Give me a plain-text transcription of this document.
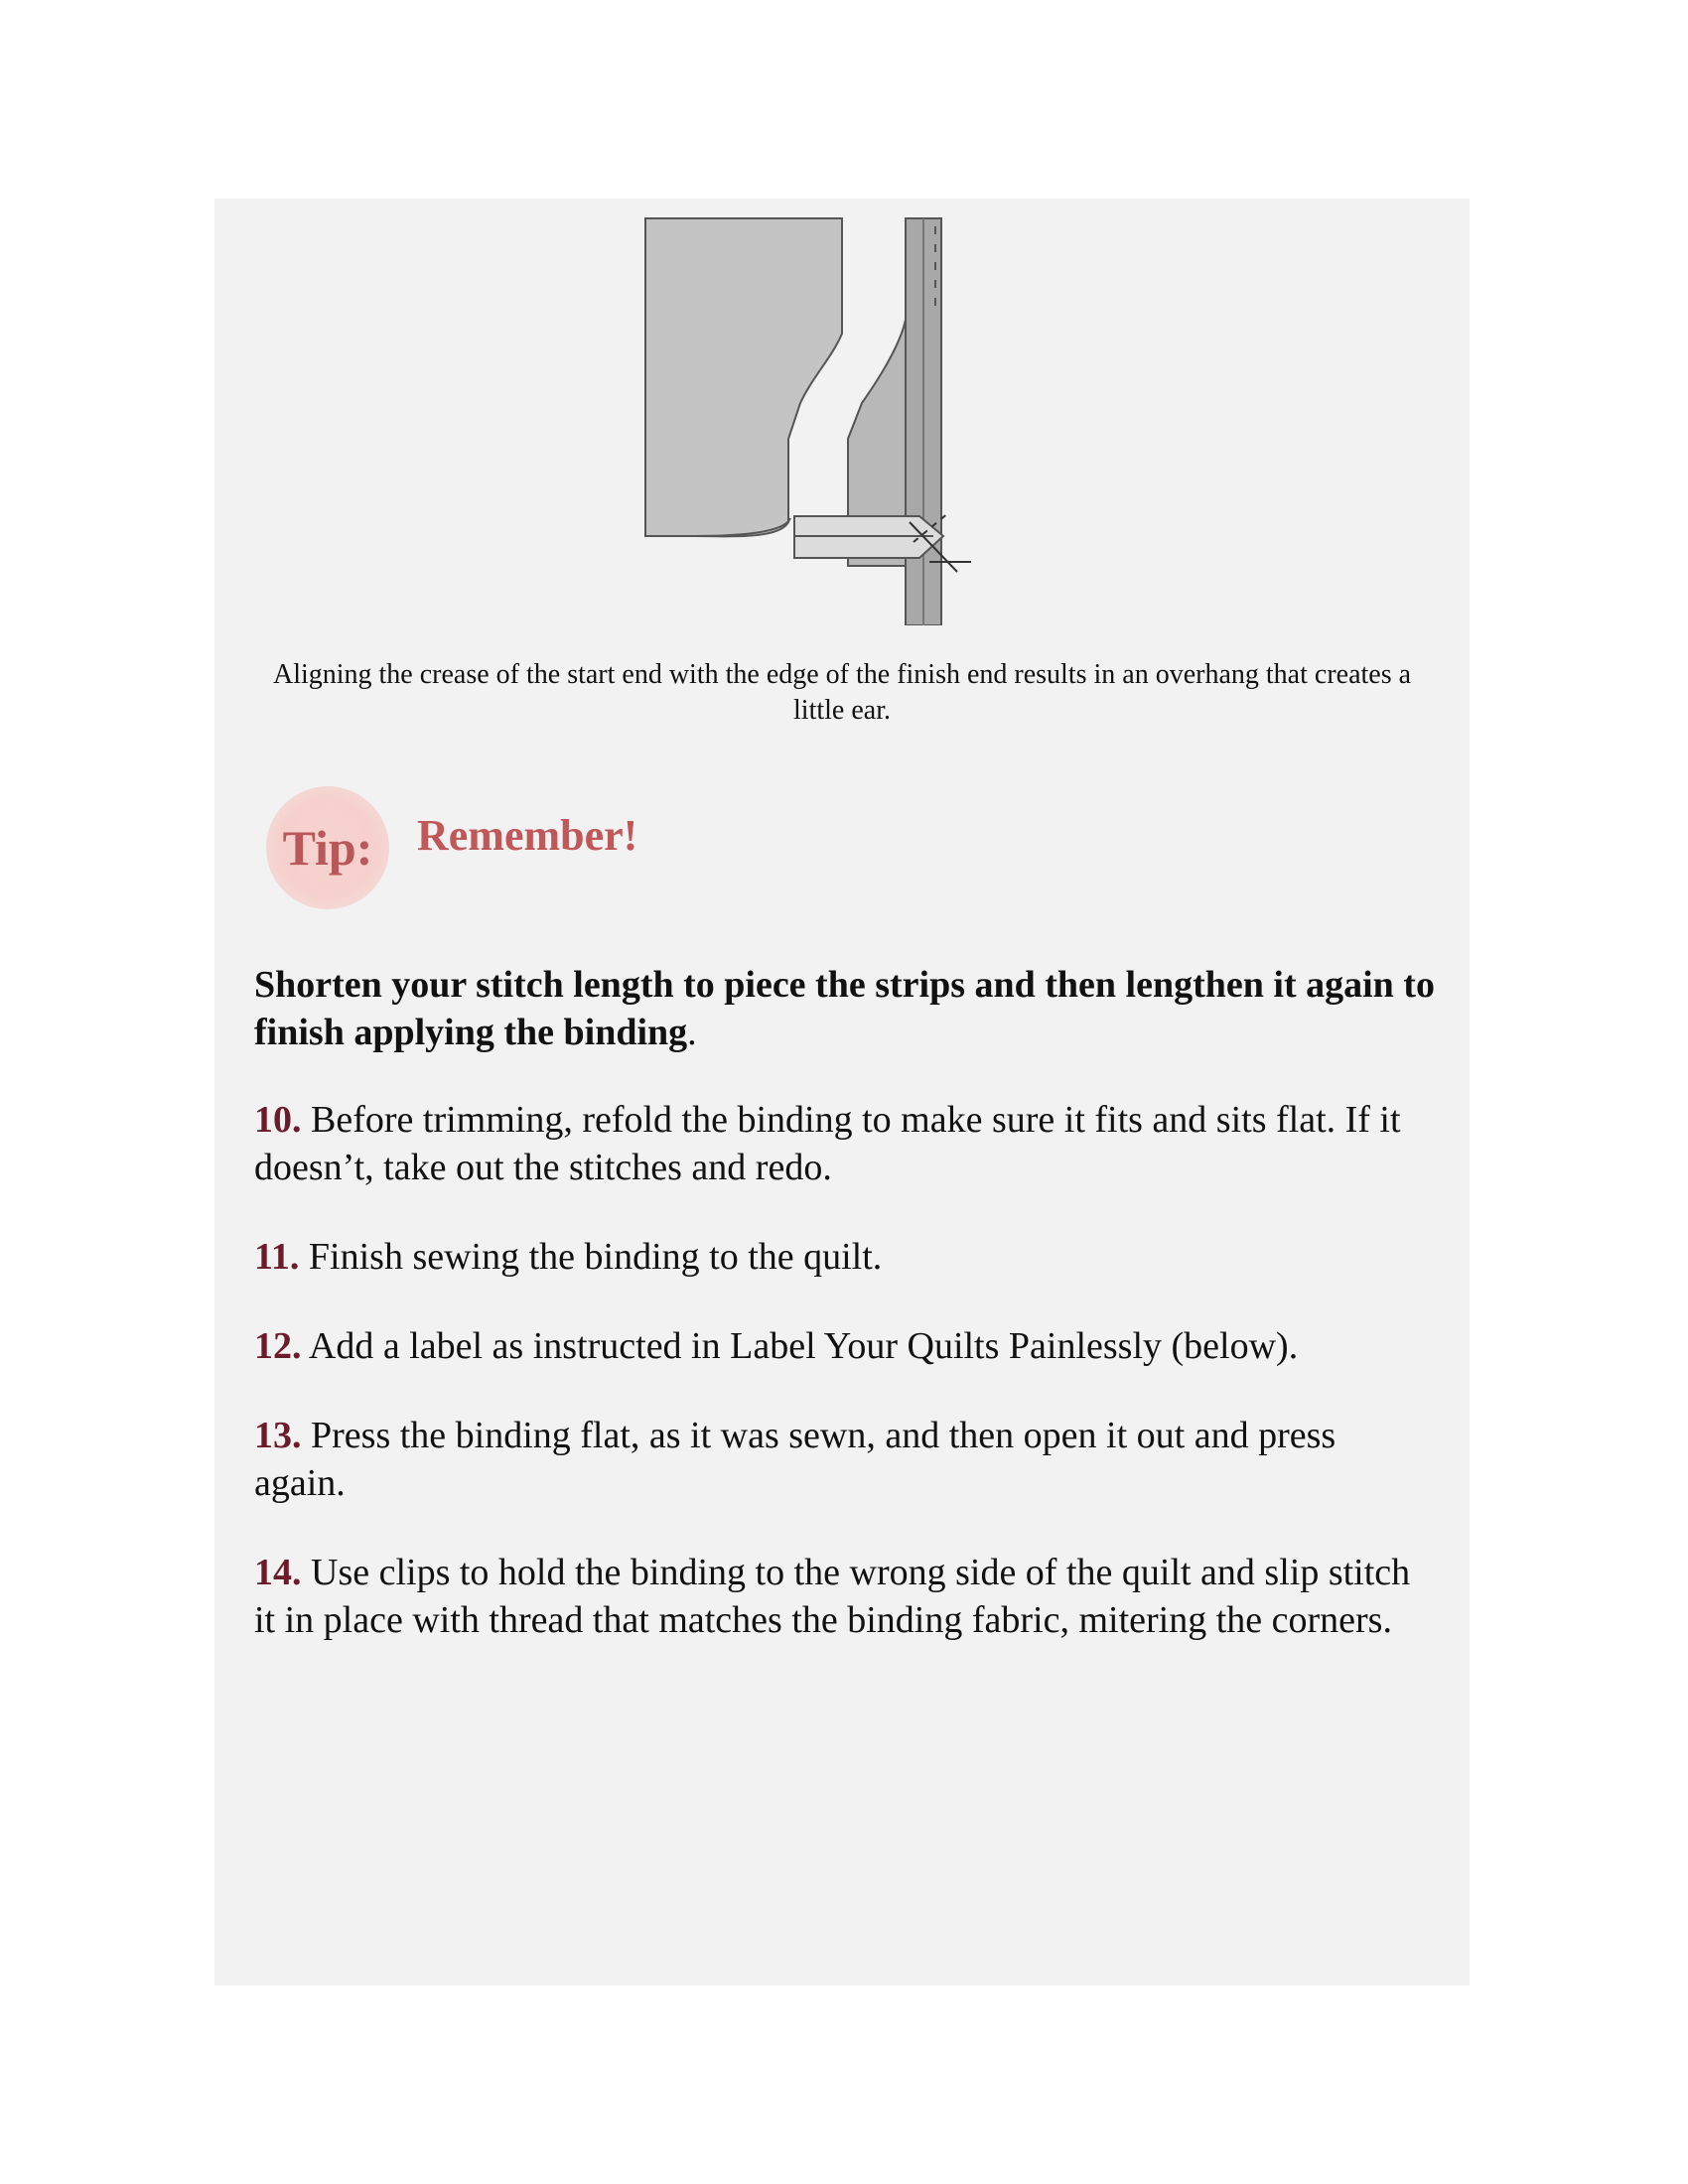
Aligning the crease of the start end with the edge of the finish end results in an overhang that creates a little ear.
Tip:	Remember!

Shorten your stitch length to piece the strips and then lengthen it again to finish applying the binding.

10. Before trimming, refold the binding to make sure it fits and sits flat. If it doesn’t, take out the stitches and redo.

11. Finish sewing the binding to the quilt.

12. Add a label as instructed in Label Your Quilts Painlessly (below).

13. Press the binding flat, as it was sewn, and then open it out and press again.

14. Use clips to hold the binding to the wrong side of the quilt and slip stitch it in place with thread that matches the binding fabric, mitering the corners.
